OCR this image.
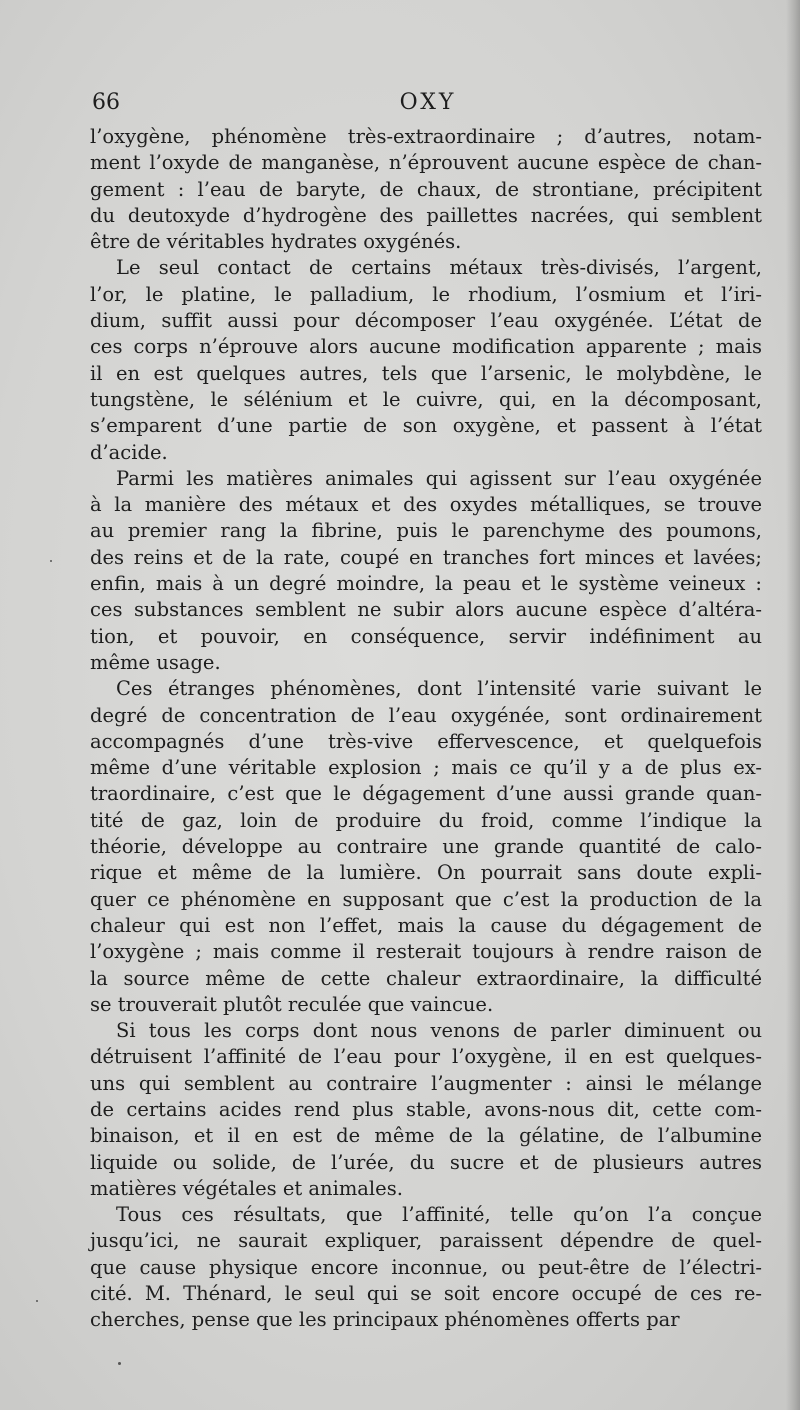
66	OXY

l’oxygène, phénomène très-extraordinaire ; d’autres, notam-
ment l’oxyde de manganèse, n’éprouvent aucune espèce de chan-
gement : l’eau de baryte, de chaux, de strontiane, précipitent
du deutoxyde d’hydrogène des paillettes nacrées, qui semblent
être de véritables hydrates oxygénés.

Le seul contact de certains métaux très-divisés, l’argent,
l’or, le platine, le palladium, le rhodium, l’osmium et l’iri-
dium, suffit aussi pour décomposer l’eau oxygénée. L’état de
ces corps n’éprouve alors aucune modification apparente ; mais
il en est quelques autres, tels que l’arsenic, le molybdène, le
tungstène, le sélénium et le cuivre, qui, en la décomposant,
s’emparent d’une partie de son oxygène, et passent à l’état
d’acide.

Parmi les matières animales qui agissent sur l’eau oxygénée
à la manière des métaux et des oxydes métalliques, se trouve
au premier rang la fibrine, puis le parenchyme des poumons,
des reins et de la rate, coupé en tranches fort minces et lavées;
enfin, mais à un degré moindre, la peau et le système veineux :
ces substances semblent ne subir alors aucune espèce d’altéra-
tion, et pouvoir, en conséquence, servir indéfiniment au
même usage.

Ces étranges phénomènes, dont l’intensité varie suivant le
degré de concentration de l’eau oxygénée, sont ordinairement
accompagnés d’une très-vive effervescence, et quelquefois
même d’une véritable explosion ; mais ce qu’il y a de plus ex-
traordinaire, c’est que le dégagement d’une aussi grande quan-
tité de gaz, loin de produire du froid, comme l’indique la
théorie, développe au contraire une grande quantité de calo-
rique et même de la lumière. On pourrait sans doute expli-
quer ce phénomène en supposant que c’est la production de la
chaleur qui est non l’effet, mais la cause du dégagement de
l’oxygène ; mais comme il resterait toujours à rendre raison de
la source même de cette chaleur extraordinaire, la difficulté
se trouverait plutôt reculée que vaincue.

Si tous les corps dont nous venons de parler diminuent ou
détruisent l’affinité de l’eau pour l’oxygène, il en est quelques-
uns qui semblent au contraire l’augmenter : ainsi le mélange
de certains acides rend plus stable, avons-nous dit, cette com-
binaison, et il en est de même de la gélatine, de l’albumine
liquide ou solide, de l’urée, du sucre et de plusieurs autres
matières végétales et animales.

Tous ces résultats, que l’affinité, telle qu’on l’a conçue
jusqu’ici, ne saurait expliquer, paraissent dépendre de quel-
que cause physique encore inconnue, ou peut-être de l’électri-
cité. M. Thénard, le seul qui se soit encore occupé de ces re-
cherches, pense que les principaux phénomènes offerts par
